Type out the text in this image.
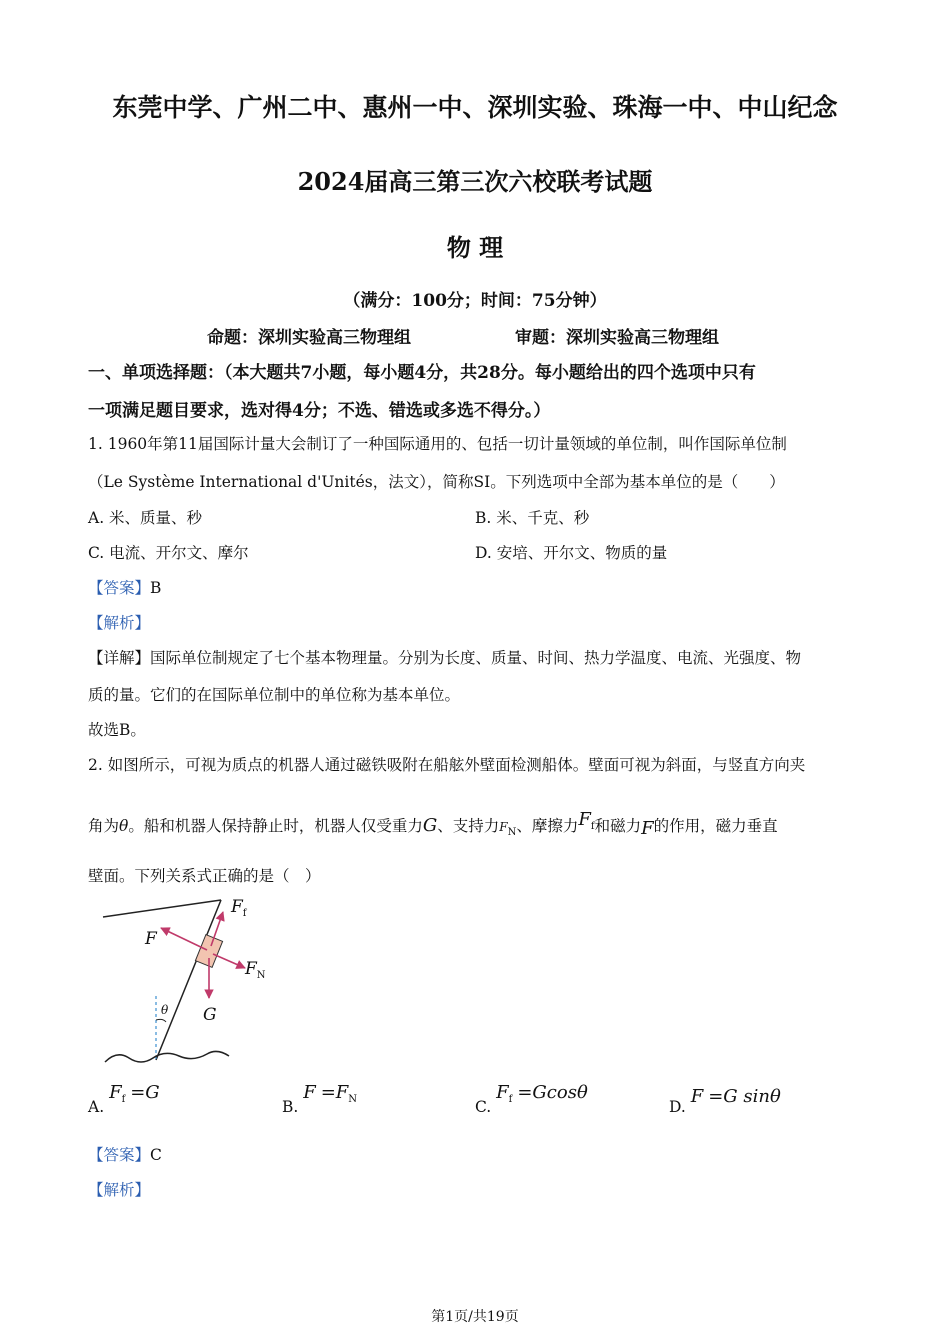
东莞中学、广州二中、惠州一中、深圳实验、珠海一中、中山纪念
2024届高三第三次六校联考试题
物 理
（满分：100分；时间：75分钟）
命题：深圳实验高三物理组	审题：深圳实验高三物理组
一、单项选择题：（本大题共7小题，每小题4分，共28分。每小题给出的四个选项中只有
一项满足题目要求，选对得4分；不选、错选或多选不得分。）
1. 1960年第11届国际计量大会制订了一种国际通用的、包括一切计量领域的单位制，叫作国际单位制
（Le Système International d'Unités，法文），简称SI。下列选项中全部为基本单位的是（　　）
A. 米、质量、秒	B. 米、千克、秒
C. 电流、开尔文、摩尔	D. 安培、开尔文、物质的量
【答案】B
【解析】
【详解】国际单位制规定了七个基本物理量。分别为长度、质量、时间、热力学温度、电流、光强度、物
质的量。它们的在国际单位制中的单位称为基本单位。
故选B。
2. 如图所示，可视为质点的机器人通过磁铁吸附在船舷外壁面检测船体。壁面可视为斜面，与竖直方向夹
角为θ。船和机器人保持静止时，机器人仅受重力G、支持力$F_N$、摩擦力$F_f$和磁力F的作用，磁力垂直
壁面。下列关系式正确的是（　）
$F_f$
F
$F_N$
G
θ
A. $F_f =G$
B. $F =F_N$	C. $F_f =Gcos\theta$
D. F =G sinθ
【答案】C
【解析】
第1页/共19页
